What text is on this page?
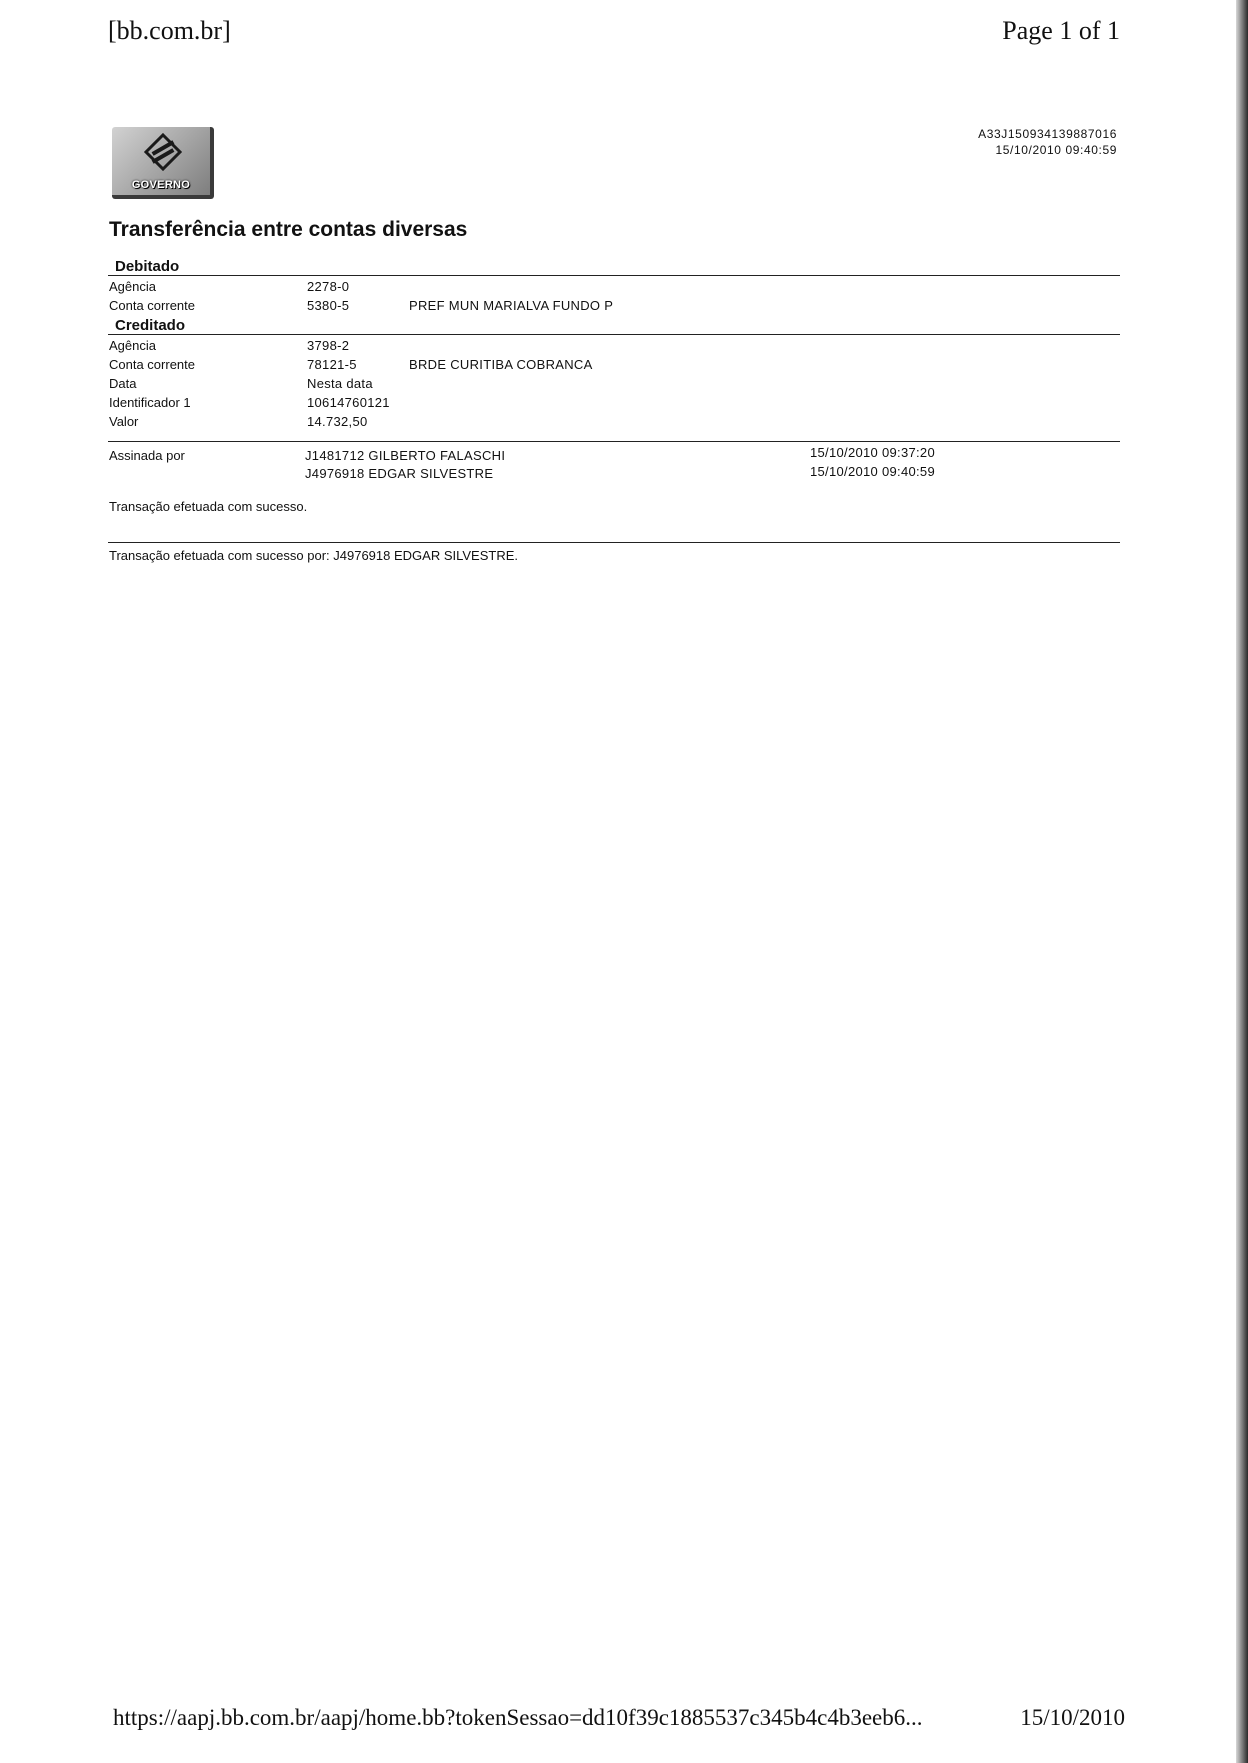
[bb.com.br]	Page 1 of 1
GOVERNO
A33J150934139887016
15/10/2010 09:40:59
Transferência entre contas diversas
Debitado
Agência	2278-0
Conta corrente	5380-5	PREF MUN MARIALVA FUNDO P
Creditado
Agência	3798-2
Conta corrente	78121-5	BRDE CURITIBA COBRANCA
Data	Nesta data
Identificador 1	10614760121
Valor	14.732,50
Assinada por	J1481712 GILBERTO FALASCHI	15/10/2010 09:37:20
J4976918 EDGAR SILVESTRE	15/10/2010 09:40:59
Transação efetuada com sucesso.
Transação efetuada com sucesso por: J4976918 EDGAR SILVESTRE.
https://aapj.bb.com.br/aapj/home.bb?tokenSessao=dd10f39c1885537c345b4c4b3eeb6...	15/10/2010
